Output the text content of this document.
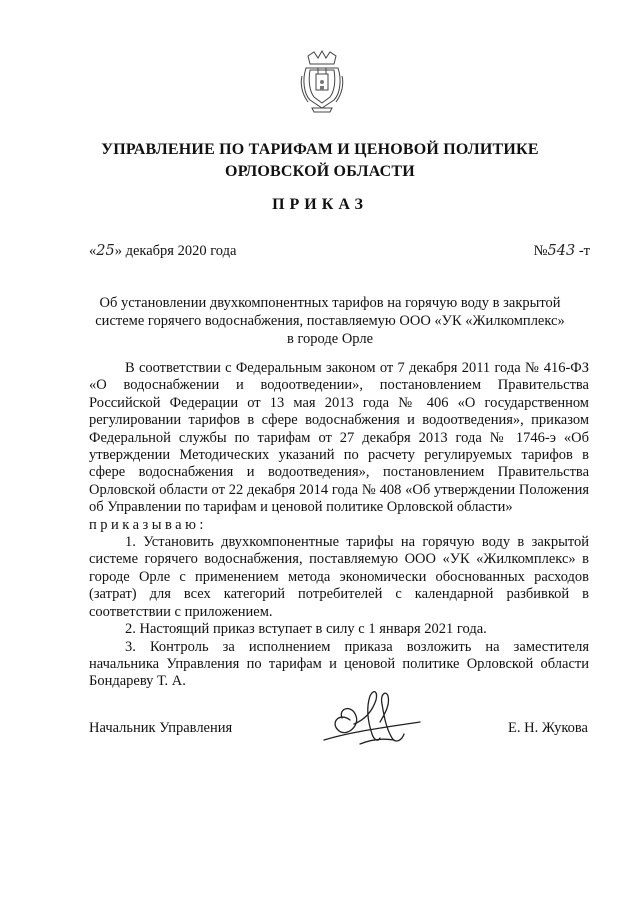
УПРАВЛЕНИЕ ПО ТАРИФАМ И ЦЕНОВОЙ ПОЛИТИКЕ
ОРЛОВСКОЙ ОБЛАСТИ
ПРИКАЗ
«25» декабря 2020 года	№543 -т
Об установлении двухкомпонентных тарифов на горячую воду в закрытой
системе горячего водоснабжения, поставляемую ООО «УК «Жилкомплекс»
в городе Орле

В соответствии с Федеральным законом от 7 декабря 2011 года № 416-ФЗ «О водоснабжении и водоотведении», постановлением Правительства Российской Федерации от 13 мая 2013 года № 406 «О государственном регулировании тарифов в сфере водоснабжения и водоотведения», приказом Федеральной службы по тарифам от 27 декабря 2013 года № 1746-э «Об утверждении Методических указаний по расчету регулируемых тарифов в сфере водоснабжения и водоотведения», постановлением Правительства Орловской области от 22 декабря 2014 года № 408 «Об утверждении Положения об Управлении по тарифам и ценовой политике Орловской области»

приказываю:

1. Установить двухкомпонентные тарифы на горячую воду в закрытой системе горячего водоснабжения, поставляемую ООО «УК «Жилкомплекс» в городе Орле с применением метода экономически обоснованных расходов (затрат) для всех категорий потребителей с календарной разбивкой в соответствии с приложением.

2. Настоящий приказ вступает в силу с 1 января 2021 года.

3. Контроль за исполнением приказа возложить на заместителя начальника Управления по тарифам и ценовой политике Орловской области Бондареву Т. А.

Начальник Управления	Е. Н. Жукова
